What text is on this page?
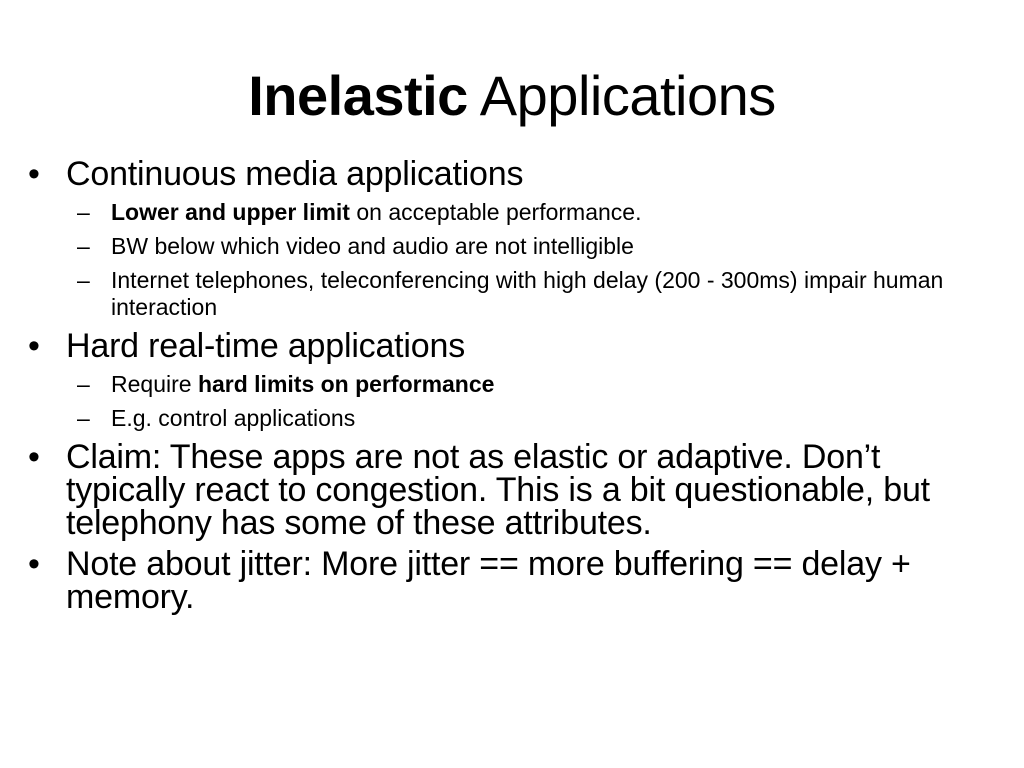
Inelastic Applications
• Continuous media applications
– Lower and upper limit on acceptable performance.
– BW below which video and audio are not intelligible
– Internet telephones, teleconferencing with high delay (200 - 300ms) impair human interaction
• Hard real-time applications
– Require hard limits on performance
– E.g. control applications
• Claim: These apps are not as elastic or adaptive. Don’t typically react to congestion. This is a bit questionable, but telephony has some of these attributes.
• Note about jitter: More jitter == more buffering == delay + memory.
